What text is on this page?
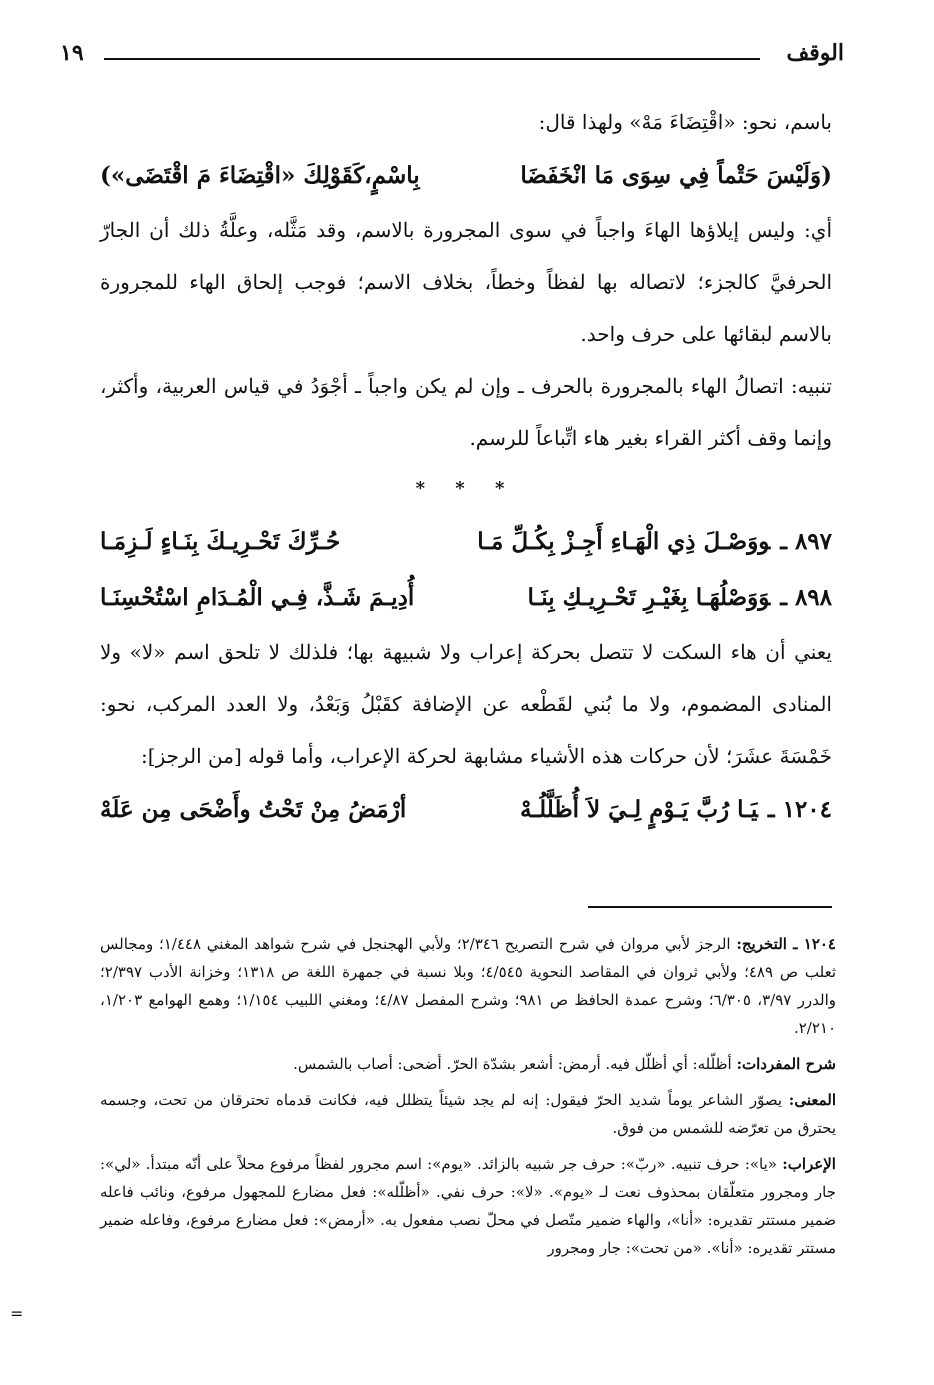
الوقف
١٩

باسم، نحو: «اقْتِضَاءَ مَهْ» ولهذا قال:

(وَلَيْسَ حَتْماً فِي سِوَى مَا انْخَفَضَا
بِاسْمٍ،كَقَوْلِكَ «اقْتِضَاءَ مَ اقْتَضَى»)

أي: وليس إيلاؤها الهاءَ واجباً في سوى المجرورة بالاسم، وقد مَثَّله، وعلَّةُ ذلك أن الجارّ الحرفيَّ كالجزء؛ لاتصاله بها لفظاً وخطاً، بخلاف الاسم؛ فوجب إلحاق الهاء للمجرورة بالاسم لبقائها على حرف واحد.

تنبيه: اتصالُ الهاء بالمجرورة بالحرف ـ وإن لم يكن واجباً ـ أجْوَدُ في قياس العربية، وأكثر، وإنما وقف أكثر القراء بغير هاء اتِّباعاً للرسم.

* * *
٨٩٧ ـووَصْـلَ ذِي الْهَـاءِ أَجِـزْ بِكُـلِّ مَـا
حُـرِّكَ تَحْـرِيـكَ بِنَـاءٍ لَـزِمَـا
٨٩٨ ـوَوَصْلُهَـا بِغَيْـرِ تَحْـرِيـكِ بِنَـا
أُدِيـمَ شَـذَّ، فِـي الْمُـدَامِ اسْتُحْسِنَـا

يعني أن هاء السكت لا تتصل بحركة إعراب ولا شبيهة بها؛ فلذلك لا تلحق اسم «لا» ولا المنادى المضموم، ولا ما بُني لقَطْعه عن الإضافة كقَبْلُ وَبَعْدُ، ولا العدد المركب، نحو: خَمْسَةَ عشَرَ؛ لأن حركات هذه الأشياء مشابهة لحركة الإعراب، وأما قوله [من الرجز]:

١٢٠٤ ـيَـا رُبَّ يَـوْمٍ لِـيَ لاَ أُظَلَّلُـهْ
أرْمَضُ مِنْ تَحْتُ وأَضْحَى مِن عَلَهْ

١٢٠٤ ـ التخريج: الرجز لأبي مروان في شرح التصريح ٢/٣٤٦؛ ولأبي الهجنجل في شرح شواهد المغني ١/٤٤٨؛ ومجالس ثعلب ص ٤٨٩؛ ولأبي ثروان في المقاصد النحوية ٤/٥٤٥؛ وبلا نسبة في جمهرة اللغة ص ١٣١٨؛ وخزانة الأدب ٢/٣٩٧؛ والدرر ٣/٩٧، ٦/٣٠٥؛ وشرح عمدة الحافظ ص ٩٨١؛ وشرح المفصل ٤/٨٧؛ ومغني اللبيب ١/١٥٤؛ وهمع الهوامع ١/٢٠٣، ٢/٢١٠.

شرح المفردات: أظلّله: أي أظلّل فيه. أرمض: أشعر بشدّة الحرّ. أضحى: أصاب بالشمس.

المعنى: يصوّر الشاعر يوماً شديد الحرّ فيقول: إنه لم يجد شيئاً يتظلل فيه، فكانت قدماه تحترقان من تحت، وجسمه يحترق من تعرّضه للشمس من فوق.

الإعراب: «يا»: حرف تنبيه. «ربّ»: حرف جر شبيه بالزائد. «يوم»: اسم مجرور لفظاً مرفوع محلاً على أنّه مبتدأ. «لي»: جار ومجرور متعلّقان بمحذوف نعت لـ «يوم». «لا»: حرف نفي. «أظلّله»: فعل مضارع للمجهول مرفوع، ونائب فاعله ضمير مستتر تقديره: «أنا»، والهاء ضمير متّصل في محلّ نصب مفعول به. «أرمض»: فعل مضارع مرفوع، وفاعله ضمير مستتر تقديره: «أنا». «من تحت»: جار ومجرور

=
